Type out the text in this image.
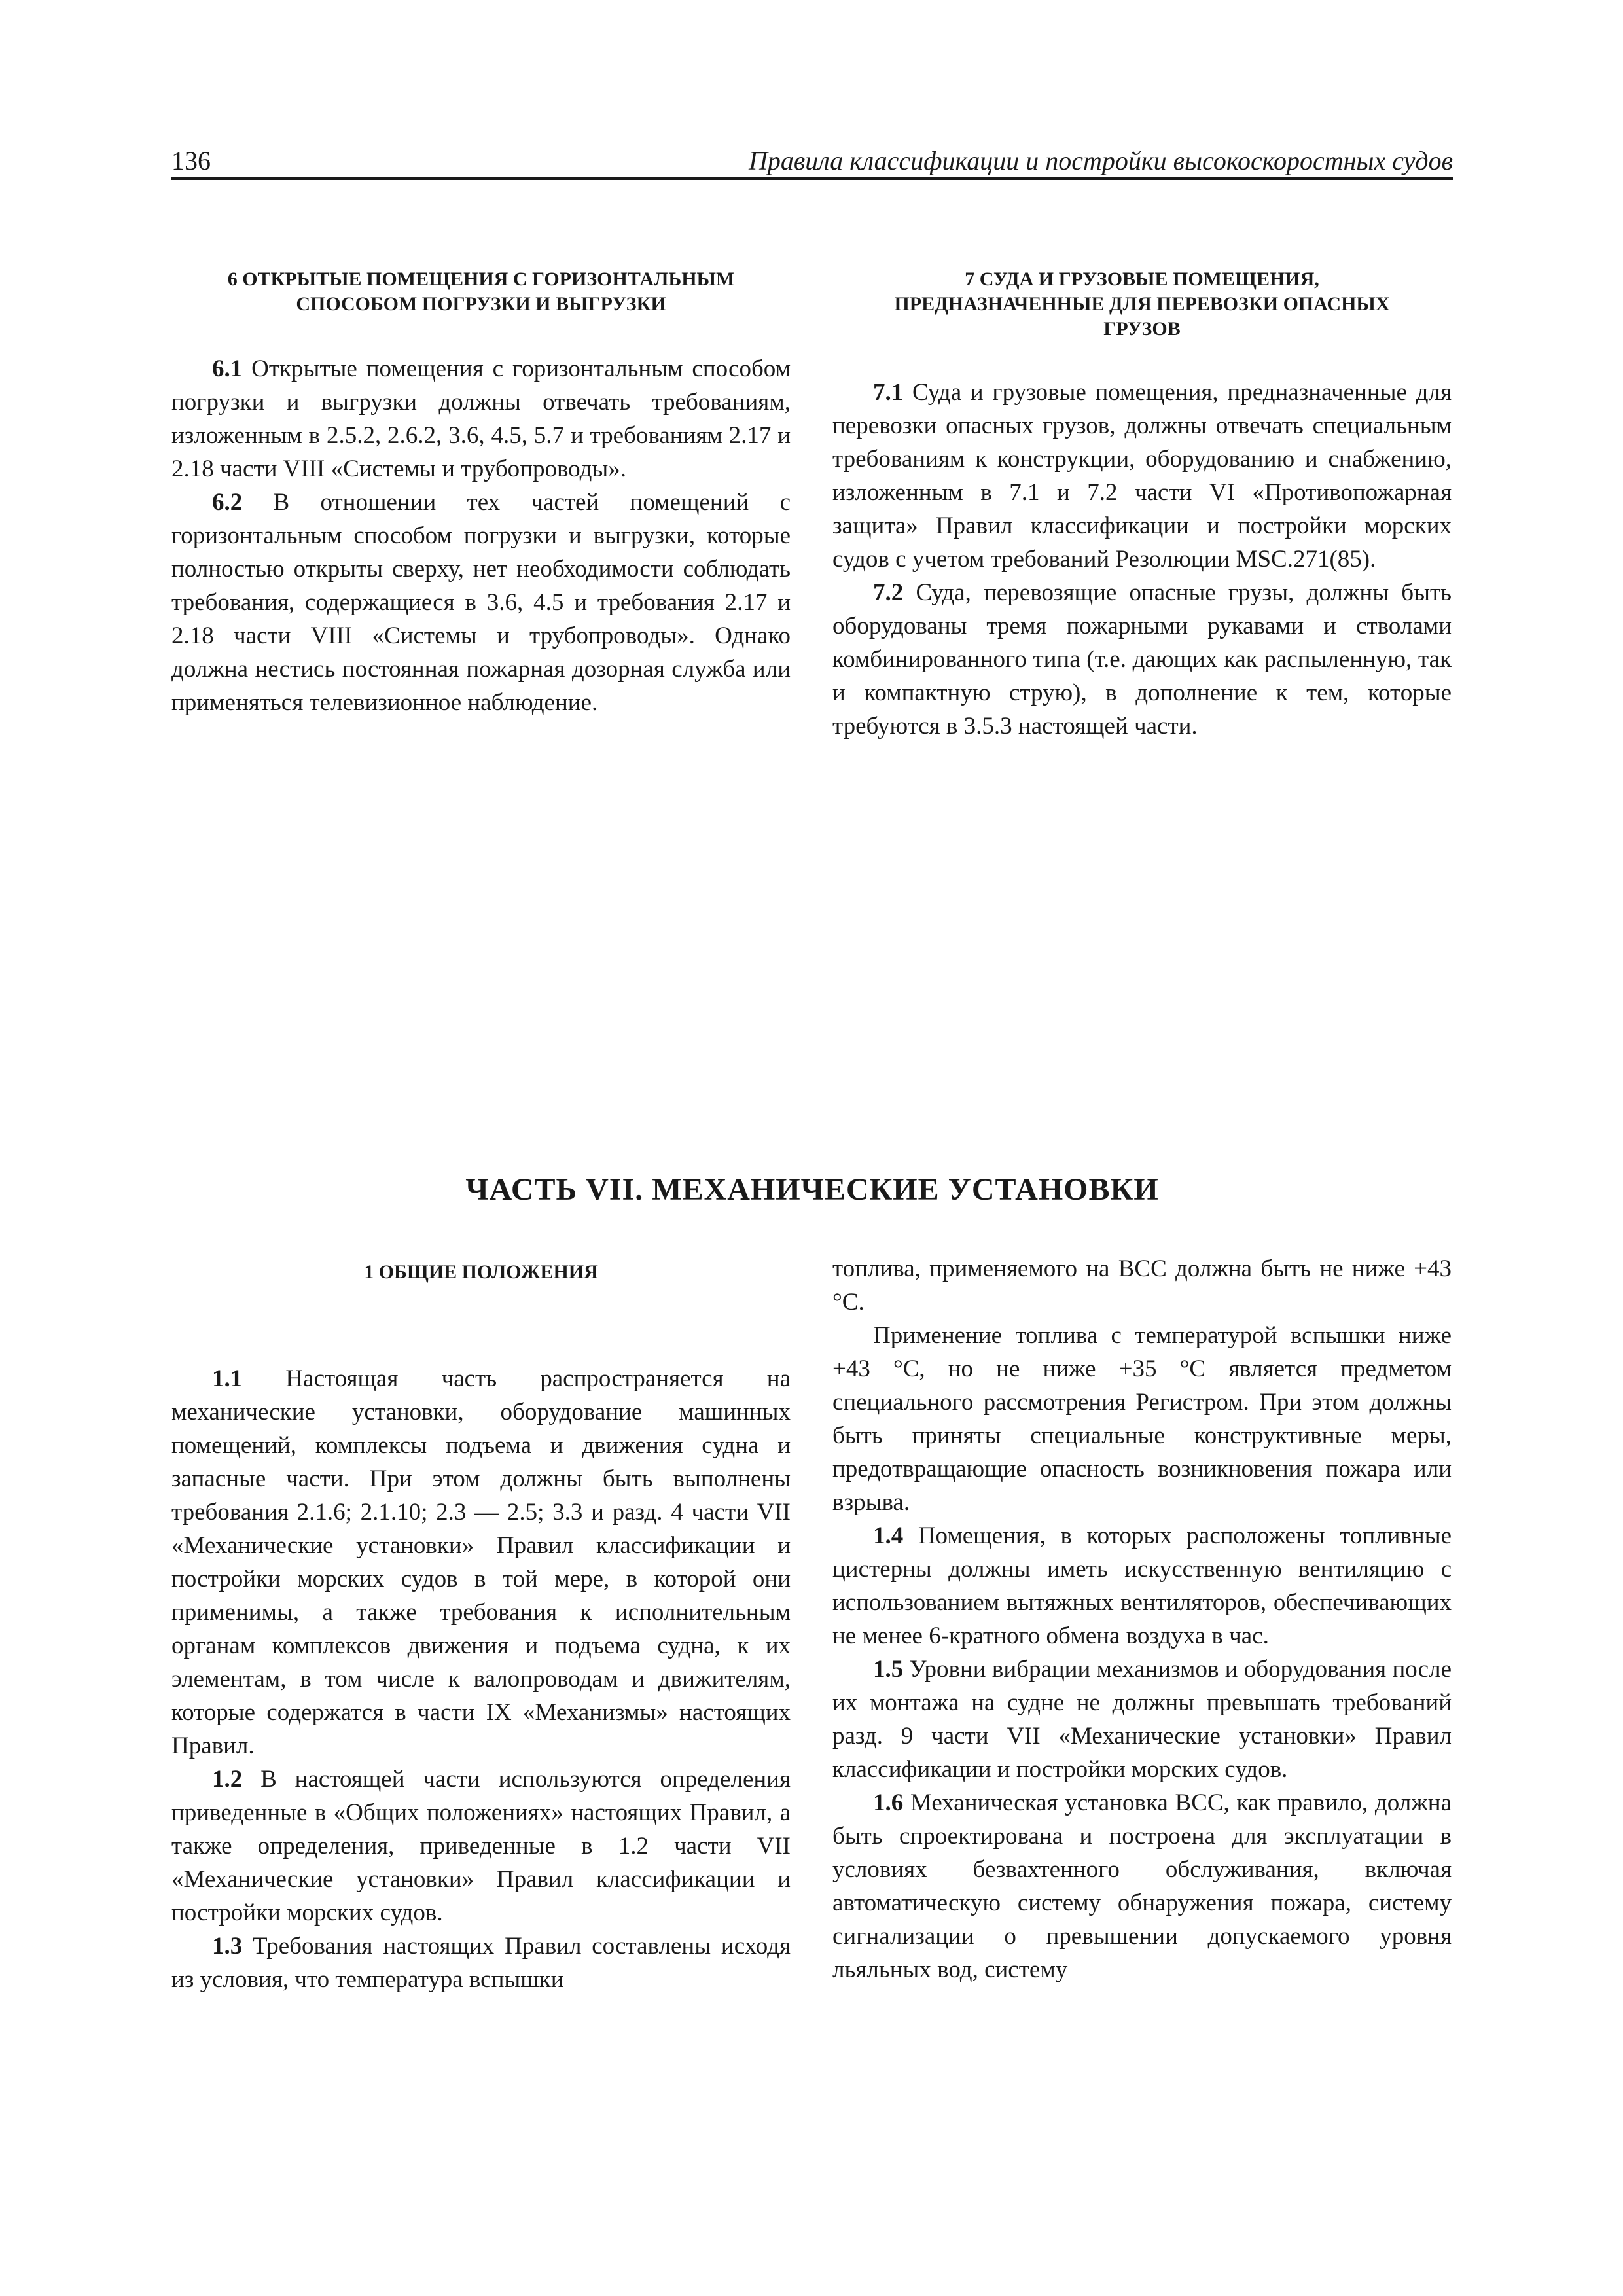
136	Правила классификации и постройки высокоскоростных судов
6 ОТКРЫТЫЕ ПОМЕЩЕНИЯ С ГОРИЗОНТАЛЬНЫМ
СПОСОБОМ ПОГРУЗКИ И ВЫГРУЗКИ

6.1 Открытые помещения с горизонтальным способом погрузки и выгрузки должны отвечать требованиям, изложенным в 2.5.2, 2.6.2, 3.6, 4.5, 5.7 и требованиям 2.17 и 2.18 части VIII «Системы и трубопроводы».

6.2 В отношении тех частей помещений с горизонтальным способом погрузки и выгрузки, которые полностью открыты сверху, нет необходимости соблюдать требования, содержащиеся в 3.6, 4.5 и требования 2.17 и 2.18 части VIII «Системы и трубопроводы». Однако должна нестись постоянная пожарная дозорная служба или применяться телевизионное наблюдение.

7 СУДА И ГРУЗОВЫЕ ПОМЕЩЕНИЯ,
ПРЕДНАЗНАЧЕННЫЕ ДЛЯ ПЕРЕВОЗКИ ОПАСНЫХ
ГРУЗОВ

7.1 Суда и грузовые помещения, предназначенные для перевозки опасных грузов, должны отвечать специальным требованиям к конструкции, оборудованию и снабжению, изложенным в 7.1 и 7.2 части VI «Противопожарная защита» Правил классификации и постройки морских судов с учетом требований Резолюции MSC.271(85).

7.2 Суда, перевозящие опасные грузы, должны быть оборудованы тремя пожарными рукавами и стволами комбинированного типа (т.е. дающих как распыленную, так и компактную струю), в дополнение к тем, которые требуются в 3.5.3 настоящей части.

ЧАСТЬ VII. МЕХАНИЧЕСКИЕ УСТАНОВКИ
1 ОБЩИЕ ПОЛОЖЕНИЯ

1.1 Настоящая часть распространяется на механические установки, оборудование машинных помещений, комплексы подъема и движения судна и запасные части. При этом должны быть выполнены требования 2.1.6; 2.1.10; 2.3 — 2.5; 3.3 и разд. 4 части VII «Механические установки» Правил классификации и постройки морских судов в той мере, в которой они применимы, а также требования к исполнительным органам комплексов движения и подъема судна, к их элементам, в том числе к валопроводам и движителям, которые содержатся в части IX «Механизмы» настоящих Правил.

1.2 В настоящей части используются определения приведенные в «Общих положениях» настоящих Правил, а также определения, приведенные в 1.2 части VII «Механические установки» Правил классификации и постройки морских судов.

1.3 Требования настоящих Правил составлены исходя из условия, что температура вспышки

топлива, применяемого на ВСС должна быть не ниже +43 °С.

Применение топлива с температурой вспышки ниже +43 °С, но не ниже +35 °С является предметом специального рассмотрения Регистром. При этом должны быть приняты специальные конструктивные меры, предотвращающие опасность возникновения пожара или взрыва.

1.4 Помещения, в которых расположены топливные цистерны должны иметь искусственную вентиляцию с использованием вытяжных вентиляторов, обеспечивающих не менее 6-кратного обмена воздуха в час.

1.5 Уровни вибрации механизмов и оборудования после их монтажа на судне не должны превышать требований разд. 9 части VII «Механические установки» Правил классификации и постройки морских судов.

1.6 Механическая установка ВСС, как правило, должна быть спроектирована и построена для эксплуатации в условиях безвахтенного обслуживания, включая автоматическую систему обнаружения пожара, систему сигнализации о превышении допускаемого уровня льяльных вод, систему
